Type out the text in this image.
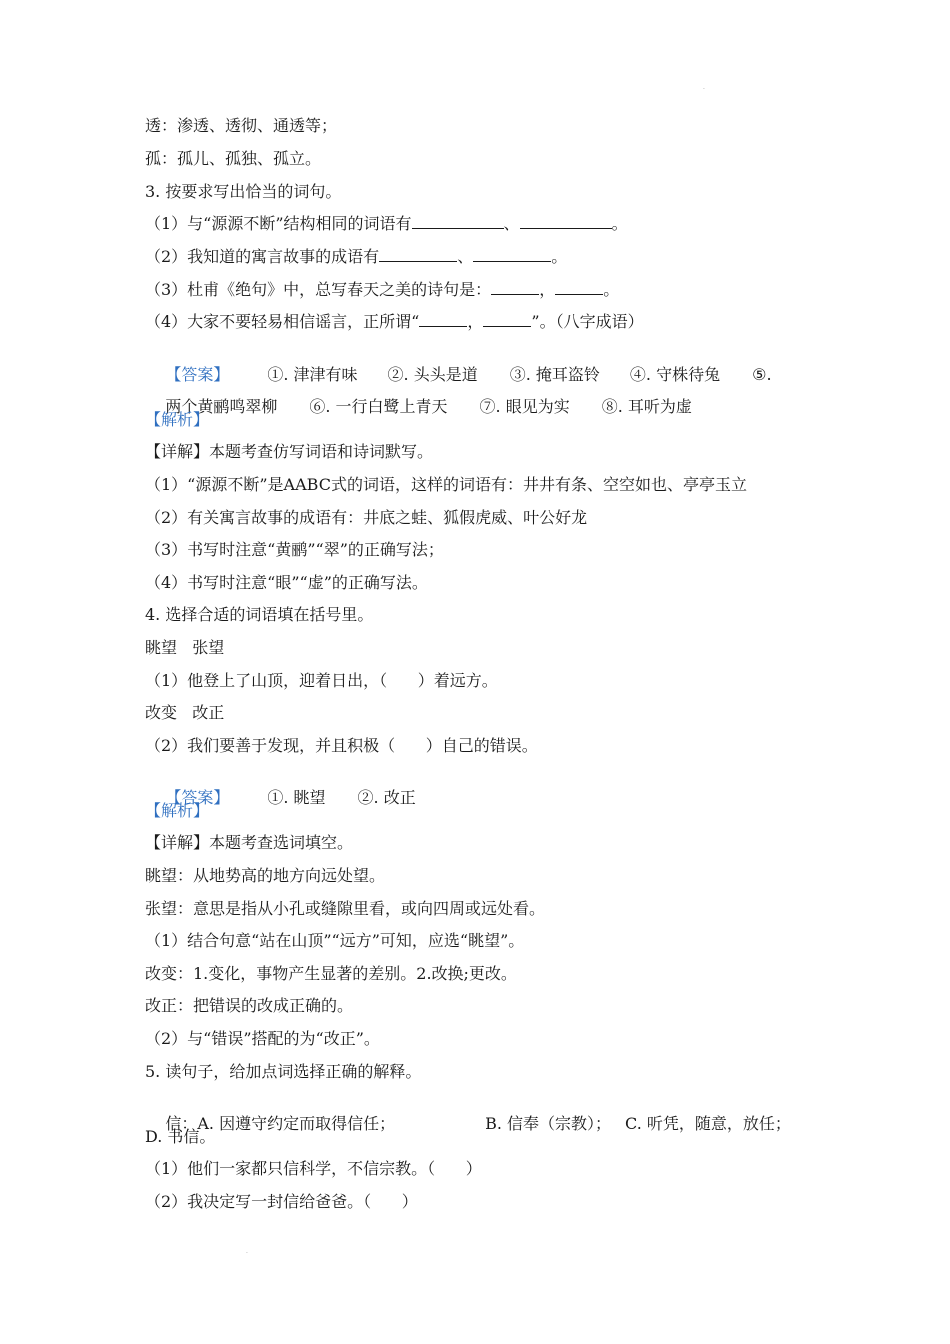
·
透：渗透、透彻、通透等；
孤：孤儿、孤独、孤立。
3. 按要求写出恰当的词句。
（1）与“源源不断”结构相同的词语有	、	。
（2）我知道的寓言故事的成语有	、	。
（3）杜甫《绝句》中，总写春天之美的诗句是：	，	。
（4）大家不要轻易相信谣言，正所谓“	，	”。（八字成语）

【答案】 ①. 津津有味 ②. 头头是道 ③. 掩耳盗铃 ④. 守株待兔 ⑤.

两个黄鹂鸣翠柳 ⑥. 一行白鹭上青天 ⑦. 眼见为实 ⑧. 耳听为虚

【解析】
【详解】本题考查仿写词语和诗词默写。
（1）“源源不断”是AABC式的词语，这样的词语有：井井有条、空空如也、亭亭玉立
（2）有关寓言故事的成语有：井底之蛙、狐假虎威、叶公好龙
（3）书写时注意“黄鹂”“翠”的正确写法；
（4）书写时注意“眼”“虚”的正确写法。
4. 选择合适的词语填在括号里。
眺望   张望
（1）他登上了山顶，迎着日出，（      ）着远方。
改变   改正
（2）我们要善于发现，并且积极（      ）自己的错误。

【答案】 ①. 眺望 ②. 改正

【解析】
【详解】本题考查选词填空。
眺望：从地势高的地方向远处望。
张望：意思是指从小孔或缝隙里看，或向四周或远处看。
（1）结合句意“站在山顶”“远方”可知，应选“眺望”。
改变：1.变化，事物产生显著的差别。2.改换;更改。
改正：把错误的改成正确的。
（2）与“错误”搭配的为“改正”。
5. 读句子，给加点词选择正确的解释。

信：A. 因遵守约定而取得信任；	B. 信奉（宗教）； C. 听凭，随意，放任；

D. 书信。
（1）他们一家都只信科学，不信宗教。（      ）
（2）我决定写一封信给爸爸。（      ）
·
